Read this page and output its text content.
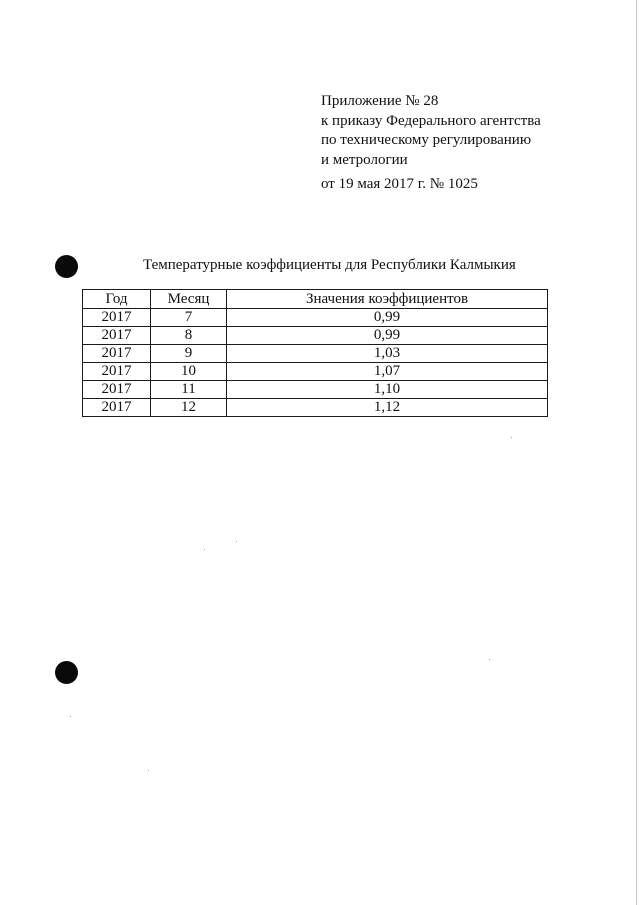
Приложение № 28
к приказу Федерального агентства
по техническому регулированию
и метрологии
от 19 мая 2017 г. № 1025
Температурные коэффициенты для Республики Калмыкия
Год	Месяц	Значения коэффициентов
2017	7	0,99
2017	8	0,99
2017	9	1,03
2017	10	1,07
2017	11	1,10
2017	12	1,12
